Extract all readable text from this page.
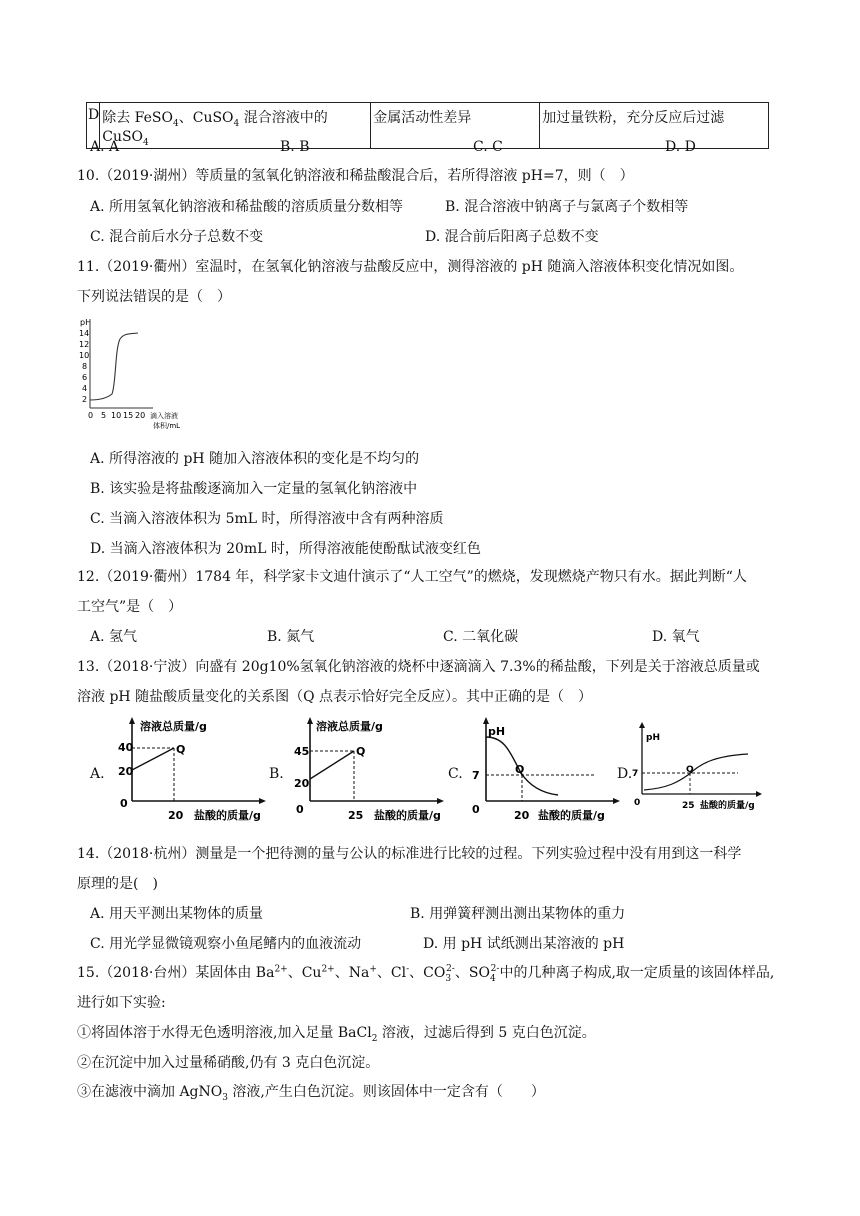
D	除去 FeSO$_4$、CuSO$_4$ 混合溶液中的 CuSO$_4$	金属活动性差异	加过量铁粉，充分反应后过滤
A. A	B. B	C. C	D. D
10.（2019·湖州）等质量的氢氧化钠溶液和稀盐酸混合后，若所得溶液 pH=7，则（　）
A. 所用氢氧化钠溶液和稀盐酸的溶质质量分数相等	B. 混合溶液中钠离子与氯离子个数相等
C. 混合前后水分子总数不变	D. 混合前后阳离子总数不变
11.（2019·衢州）室温时，在氢氧化钠溶液与盐酸反应中，测得溶液的 pH 随滴入溶液体积变化情况如图。
下列说法错误的是（　）
pH
14
12
10
8
6
4
2
0 5 10 15 20 滴入溶液
体积/mL
A. 所得溶液的 pH 随加入溶液体积的变化是不均匀的
B. 该实验是将盐酸逐滴加入一定量的氢氧化钠溶液中
C. 当滴入溶液体积为 5mL 时，所得溶液中含有两种溶质
D. 当滴入溶液体积为 20mL 时，所得溶液能使酚酞试液变红色
12.（2019·衢州）1784 年，科学家卡文迪什演示了“人工空气”的燃烧，发现燃烧产物只有水。据此判断“人
工空气”是（　）
A. 氢气	B. 氮气	C. 二氧化碳	D. 氧气
13.（2018·宁波）向盛有 20g10%氢氧化钠溶液的烧杯中逐滴滴入 7.3%的稀盐酸，下列是关于溶液总质量或
溶液 pH 随盐酸质量变化的关系图（Q 点表示恰好完全反应）。其中正确的是（　）
A.
溶液总质量/g
40
20
0
Q
20 盐酸的质量/g
B.
溶液总质量/g
45
20
0
Q
25 盐酸的质量/g
C.
pH
7
0
Q
20 盐酸的质量/g
D.
pH
7
0
Q
25 盐酸的质量/g
14.（2018·杭州）测量是一个把待测的量与公认的标准进行比较的过程。下列实验过程中没有用到这一科学
原理的是(　)
A. 用天平测出某物体的质量	B. 用弹簧秤测出测出某物体的重力
C. 用光学显微镜观察小鱼尾鳍内的血液流动	D. 用 pH 试纸测出某溶液的 pH
15.（2018·台州）某固体由 $Ba^{2+}$、$Cu^{2+}$、Na+、Cl-、$CO_3^{2-}$、$SO_4^{2-}$中的几种离子构成,取一定质量的该固体样品,
进行如下实验:
①将固体溶于水得无色透明溶液,加入足量 BaCl$_2$ 溶液，过滤后得到 5 克白色沉淀。
②在沉淀中加入过量稀硝酸,仍有 3 克白色沉淀。
③在滤液中滴加 AgNO$_3$ 溶液,产生白色沉淀。则该固体中一定含有（　　）
